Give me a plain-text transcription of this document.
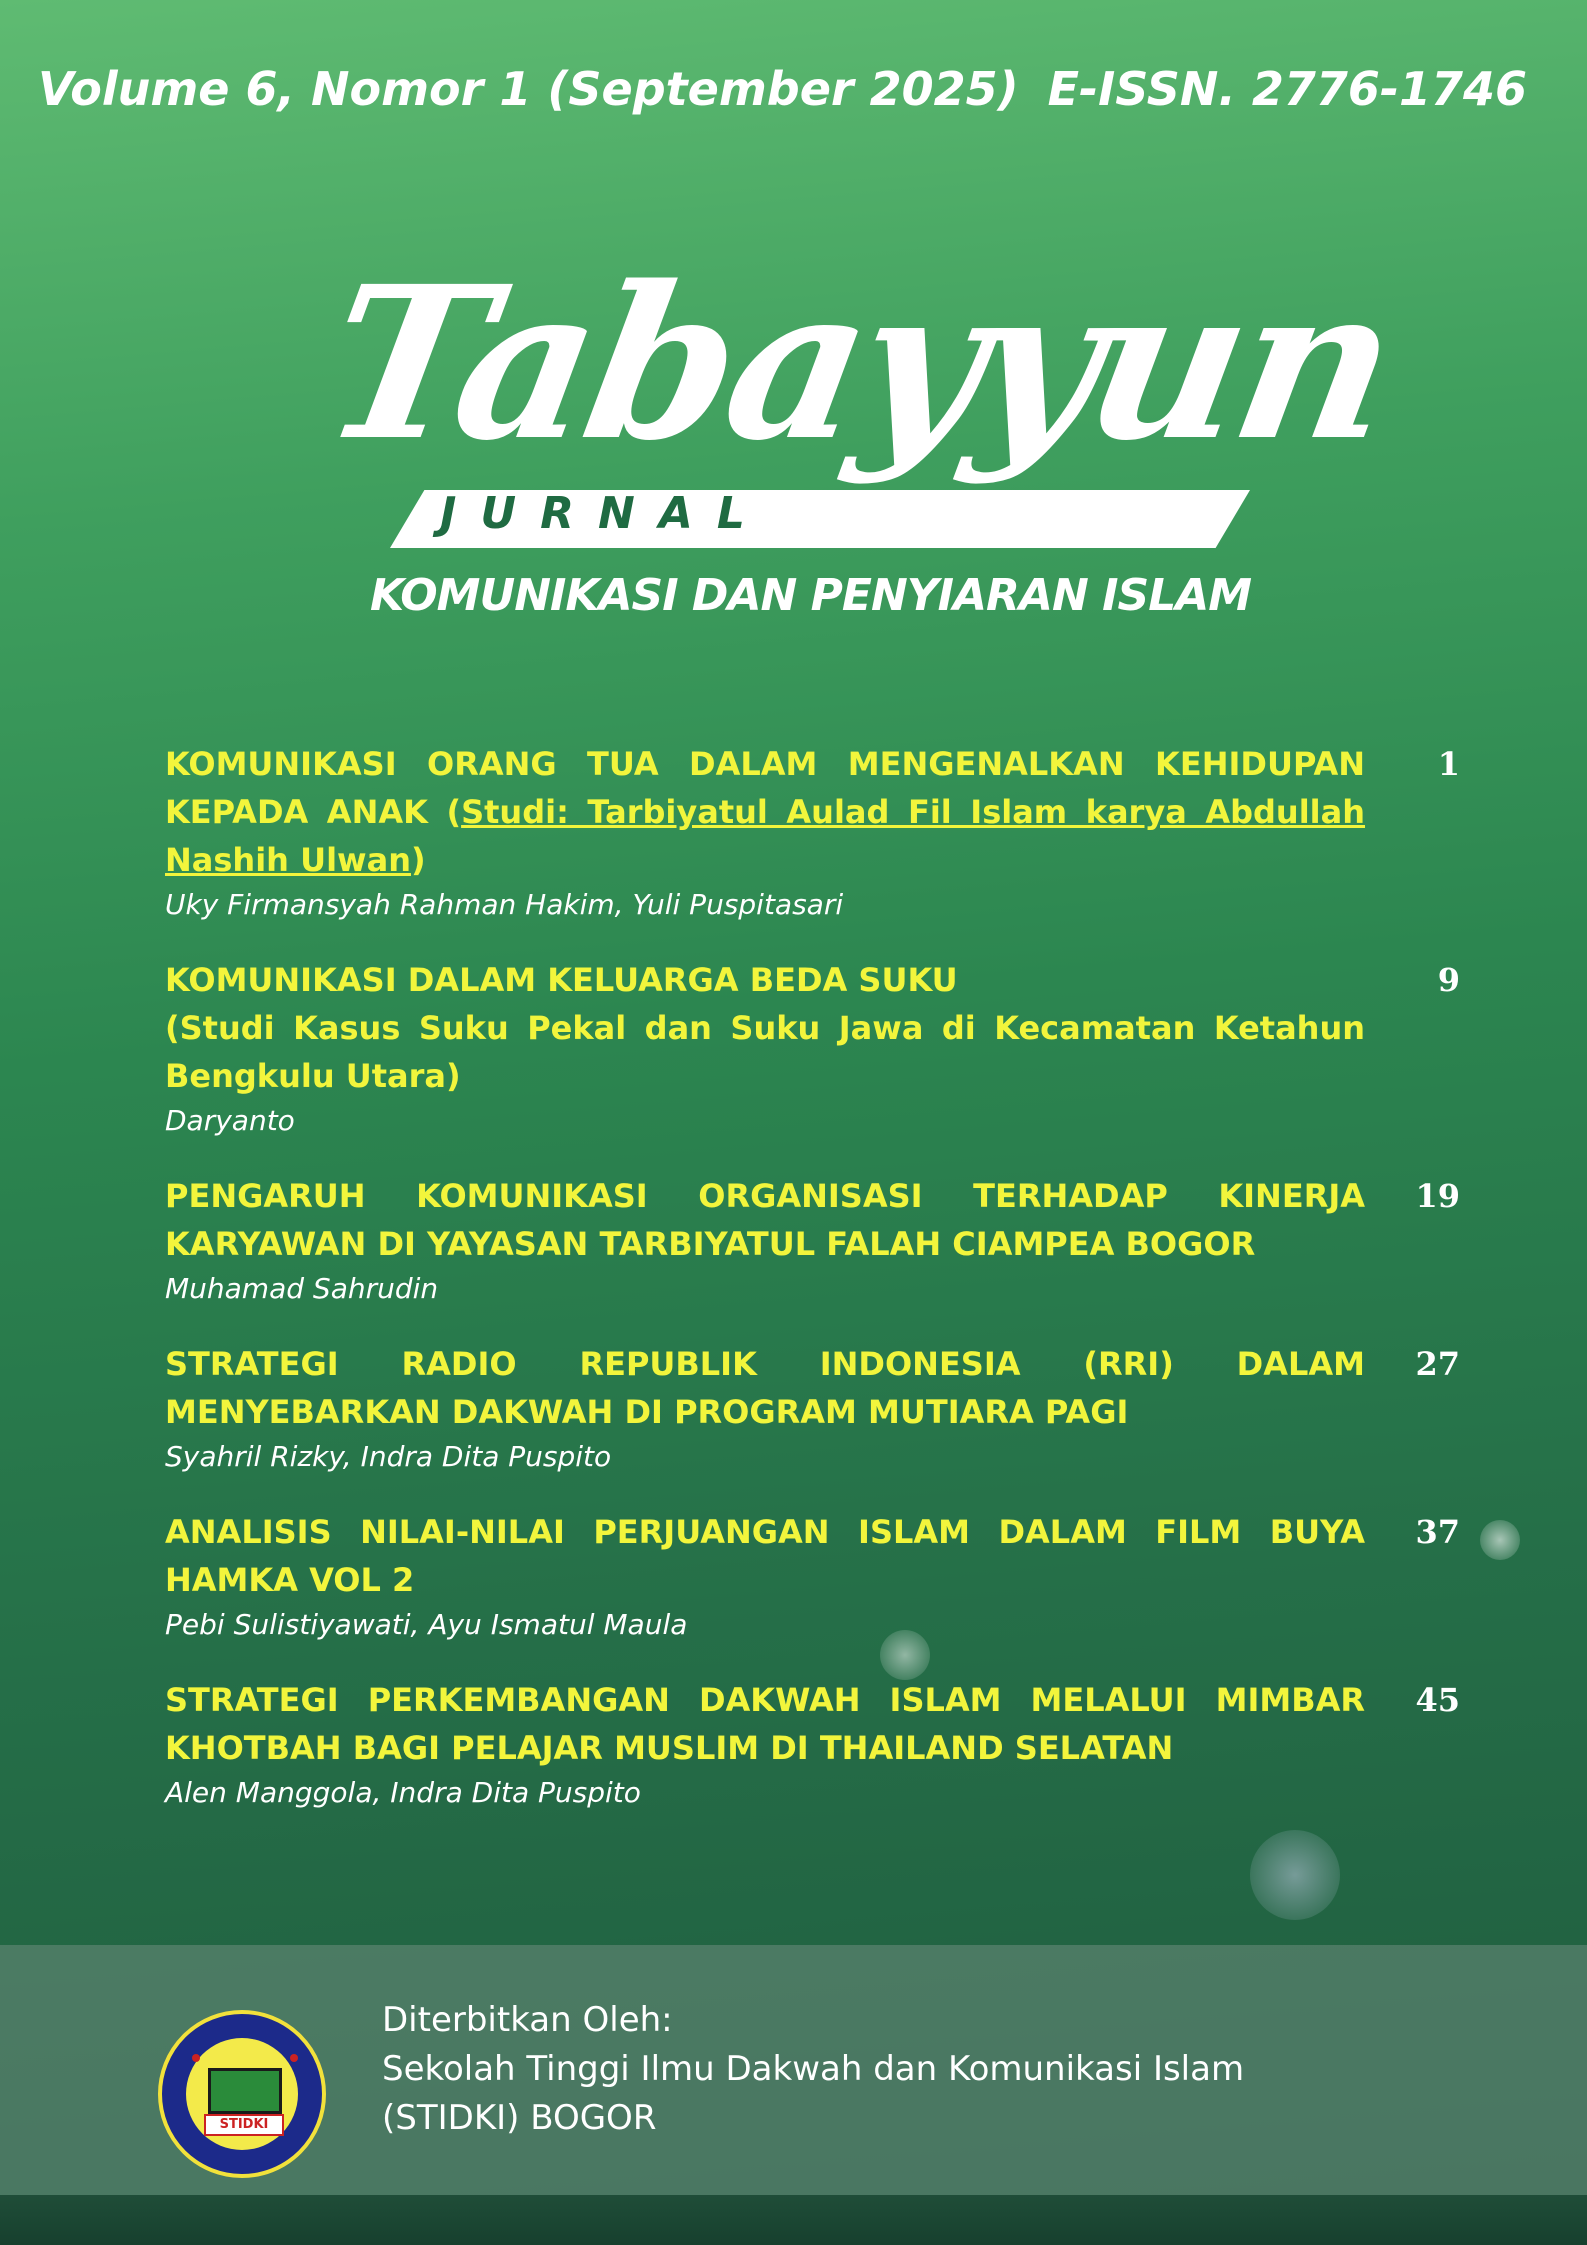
Volume 6, Nomor 1 (September 2025) E-ISSN. 2776-1746
Tabayyun
JURNAL
KOMUNIKASI DAN PENYIARAN ISLAM
KOMUNIKASI ORANG TUA DALAM MENGENALKAN KEHIDUPAN KEPADA ANAK (Studi: Tarbiyatul Aulad Fil Islam karya Abdullah Nashih Ulwan)
1
Uky Firmansyah Rahman Hakim, Yuli Puspitasari
KOMUNIKASI DALAM KELUARGA BEDA SUKU
(Studi Kasus Suku Pekal dan Suku Jawa di Kecamatan Ketahun Bengkulu Utara)
9
Daryanto
PENGARUH KOMUNIKASI ORGANISASI TERHADAP KINERJA KARYAWAN DI YAYASAN TARBIYATUL FALAH CIAMPEA BOGOR
19
Muhamad Sahrudin
STRATEGI RADIO REPUBLIK INDONESIA (RRI) DALAM MENYEBARKAN DAKWAH DI PROGRAM MUTIARA PAGI
27
Syahril Rizky, Indra Dita Puspito
ANALISIS NILAI-NILAI PERJUANGAN ISLAM DALAM FILM BUYA HAMKA VOL 2
37
Pebi Sulistiyawati, Ayu Ismatul Maula
STRATEGI PERKEMBANGAN DAKWAH ISLAM MELALUI MIMBAR KHOTBAH BAGI PELAJAR MUSLIM DI THAILAND SELATAN
45
Alen Manggola, Indra Dita Puspito
STIDKI
Diterbitkan Oleh:
Sekolah Tinggi Ilmu Dakwah dan Komunikasi Islam
(STIDKI) BOGOR
